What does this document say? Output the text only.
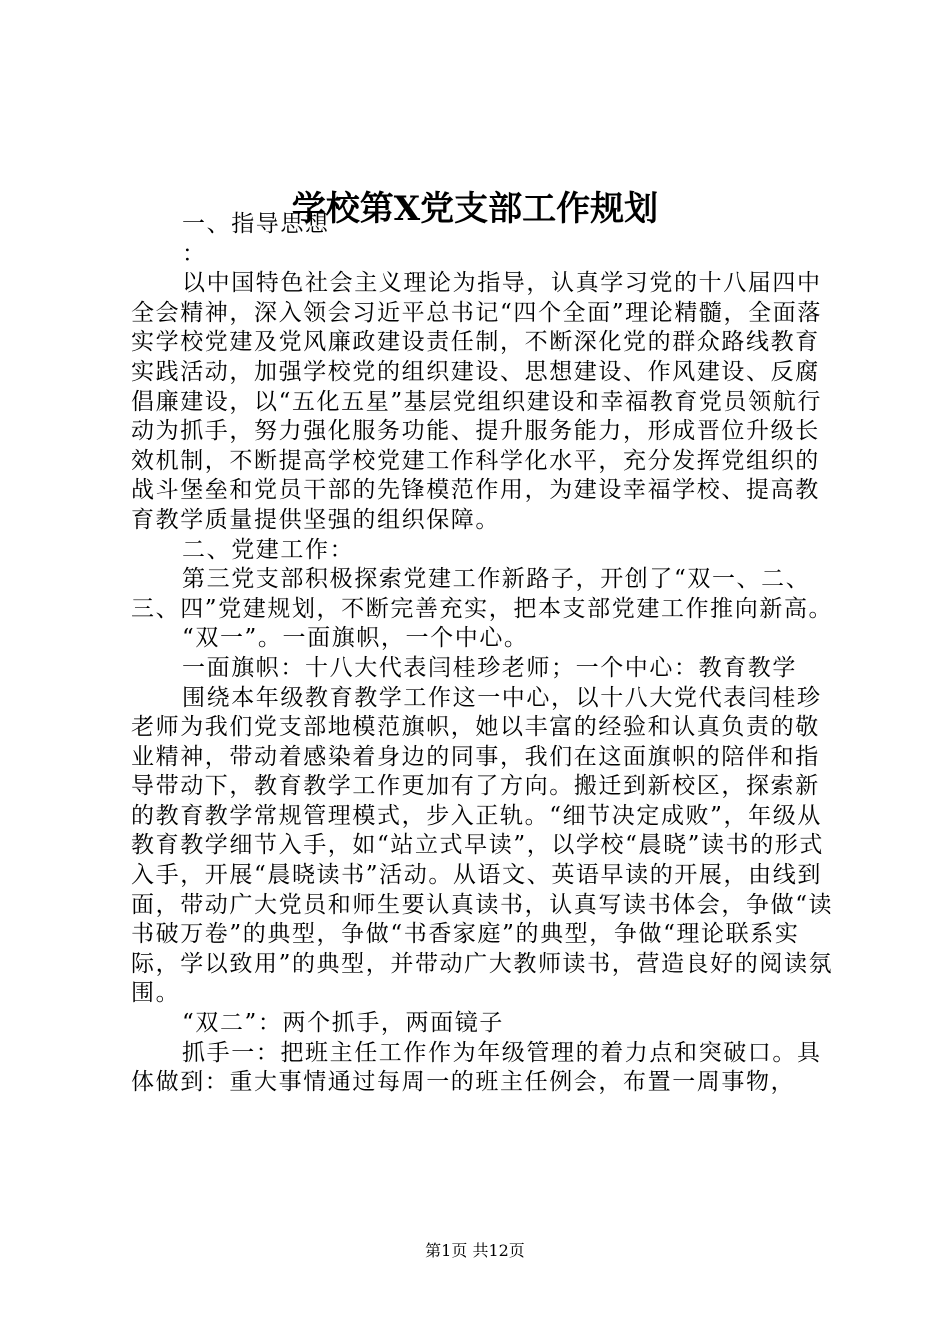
学校第X党支部工作规划

一、指导思想

：

以中国特色社会主义理论为指导，认真学习党的十八届四中全会精神，深入领会习近平总书记“四个全面”理论精髓，全面落实学校党建及党风廉政建设责任制，不断深化党的群众路线教育实践活动，加强学校党的组织建设、思想建设、作风建设、反腐倡廉建设，以“五化五星”基层党组织建设和幸福教育党员领航行动为抓手，努力强化服务功能、提升服务能力，形成晋位升级长效机制，不断提高学校党建工作科学化水平，充分发挥党组织的战斗堡垒和党员干部的先锋模范作用，为建设幸福学校、提高教育教学质量提供坚强的组织保障。

二、党建工作：

第三党支部积极探索党建工作新路子，开创了“双一、二、三、四”党建规划，不断完善充实，把本支部党建工作推向新高。

“双一”。一面旗帜，一个中心。

一面旗帜：十八大代表闫桂珍老师；一个中心：教育教学

围绕本年级教育教学工作这一中心，以十八大党代表闫桂珍老师为我们党支部地模范旗帜，她以丰富的经验和认真负责的敬业精神，带动着感染着身边的同事，我们在这面旗帜的陪伴和指导带动下，教育教学工作更加有了方向。搬迁到新校区，探索新的教育教学常规管理模式，步入正轨。“细节决定成败”，年级从教育教学细节入手，如“站立式早读”，以学校“晨晓”读书的形式入手，开展“晨晓读书”活动。从语文、英语早读的开展，由线到面，带动广大党员和师生要认真读书，认真写读书体会，争做“读书破万卷”的典型，争做“书香家庭”的典型，争做“理论联系实际，学以致用”的典型，并带动广大教师读书，营造良好的阅读氛围。

“双二”：两个抓手，两面镜子

抓手一：把班主任工作作为年级管理的着力点和突破口。具体做到：重大事情通过每周一的班主任例会，布置一周事物，

第1页 共12页
